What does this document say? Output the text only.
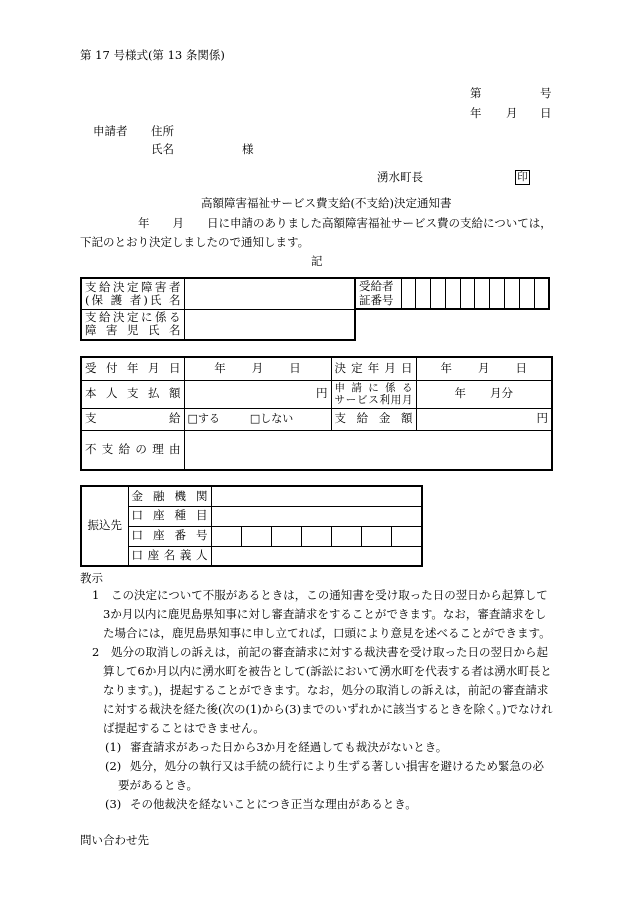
第 17 号様式(第 13 条関係)
第	号
年 月 日
申請者 住所
氏名	様
湧水町長	印
高額障害福祉サービス費支給(不支給)決定通知書
年　　月　　日に申請のありました高額障害福祉サービス費の支給については，
下記のとおり決定しましたので通知します。
記
支給決定障害者
(保 護 者)氏 名	

支給決定に係る
障 害 児 氏 名	

受給者
証番号

受付年月日	年 月 日	決定年月日	年 月 日

本人支払額	円	申 請 に 係 る
サービス利用月	年 月分

支給	□する □しない	支給金額	円

不支給の理由			

振込先	金融機関							

	口座種目							

	口座番号							

	口座名義人							

教示
1	この決定について不服があるときは，この通知書を受け取った日の翌日から起算して3か月以内に鹿児島県知事に対し審査請求をすることができます。なお，審査請求をした場合には，鹿児島県知事に申し立てれば，口頭により意見を述べることができます。
2	処分の取消しの訴えは，前記の審査請求に対する裁決書を受け取った日の翌日から起算して6か月以内に湧水町を被告として(訴訟において湧水町を代表する者は湧水町長となります。)，提起することができます。なお，処分の取消しの訴えは，前記の審査請求に対する裁決を経た後(次の(1)から(3)までのいずれかに該当するときを除く。)でなければ提起することはできません。
(1) 審査請求があった日から3か月を経過しても裁決がないとき。
(2) 処分，処分の執行又は手続の続行により生ずる著しい損害を避けるため緊急の必要があるとき。
(3) その他裁決を経ないことにつき正当な理由があるとき。
問い合わせ先
